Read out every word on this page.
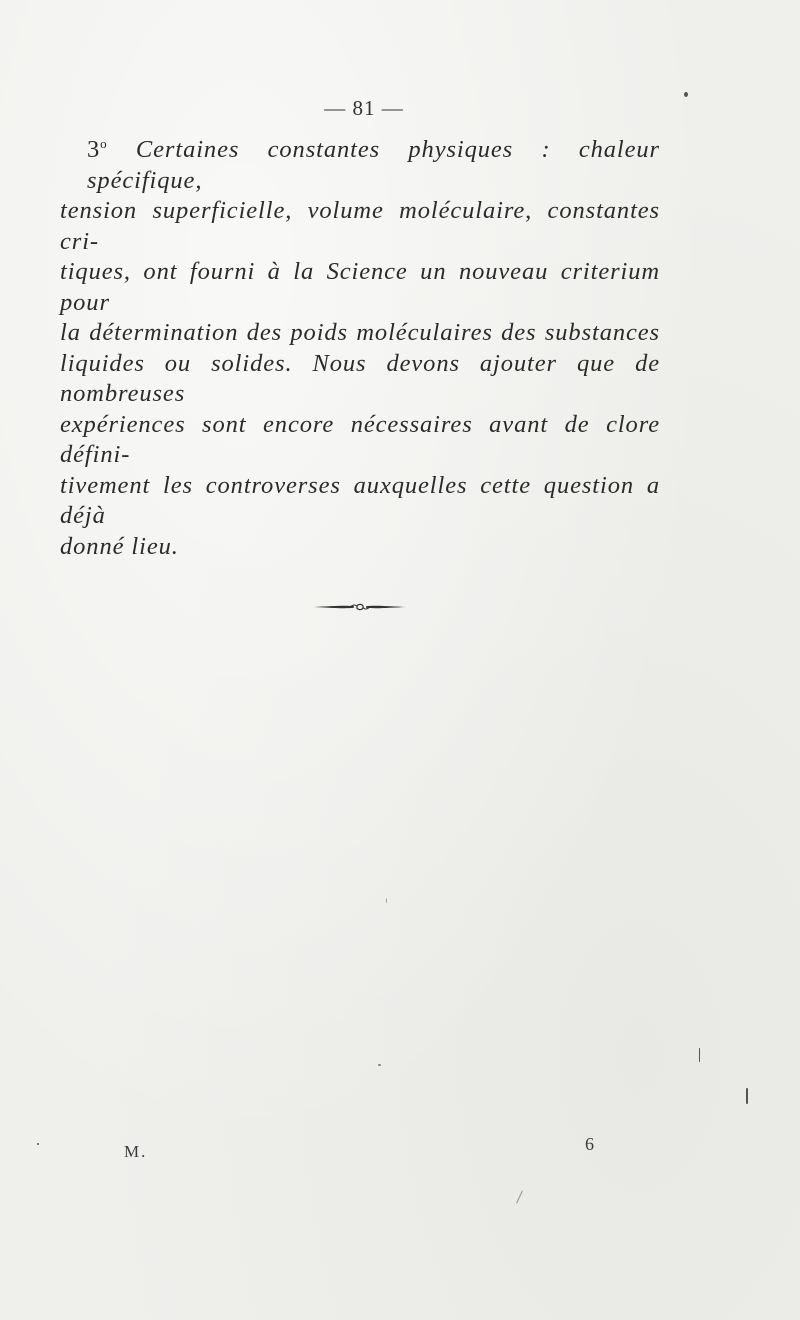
— 81 —

3$^o$ Certaines constantes physiques : chaleur spécifique,
tension superficielle, volume moléculaire, constantes cri-
tiques, ont fourni à la Science un nouveau criterium pour
la détermination des poids moléculaires des substances
liquides ou solides. Nous devons ajouter que de nombreuses
expériences sont encore nécessaires avant de clore défini-
tivement les controverses auxquelles cette question a déjà
donné lieu.

M.	6
